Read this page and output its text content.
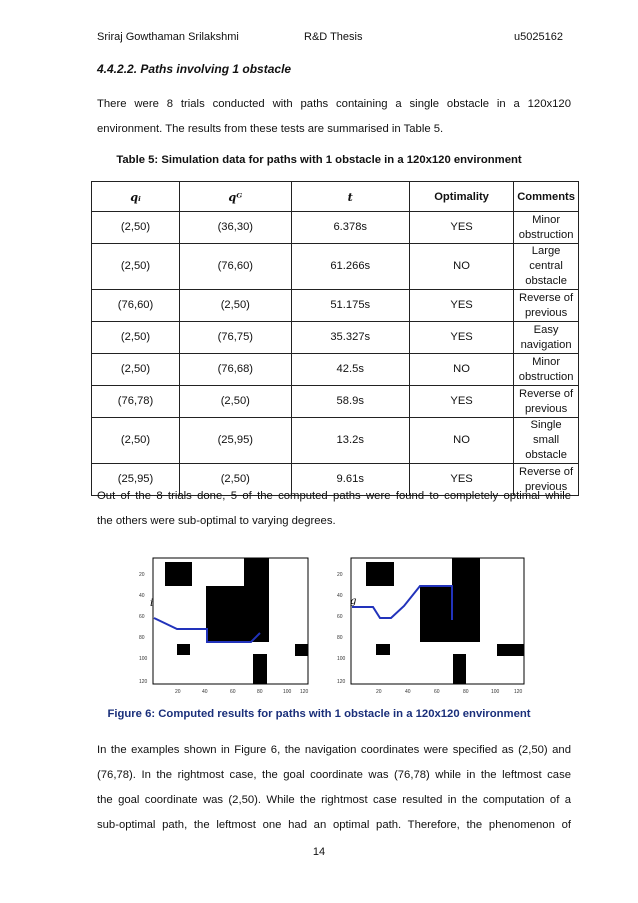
Sriraj Gowthaman Srilakshmi	R&D Thesis	u5025162
4.4.2.2. Paths involving 1 obstacle
There were 8 trials conducted with paths containing a single obstacle in a 120x120
environment. The results from these tests are summarised in Table 5.
Table 5: Simulation data for paths with 1 obstacle in a 120x120 environment
qᵢ	qᴳ	t	Optimality	Comments
(2,50)	(36,30)	6.378s	YES	Minor obstruction
(2,50)	(76,60)	61.266s	NO	Large central obstacle
(76,60)	(2,50)	51.175s	YES	Reverse of previous
(2,50)	(76,75)	35.327s	YES	Easy navigation
(2,50)	(76,68)	42.5s	NO	Minor obstruction
(76,78)	(2,50)	58.9s	YES	Reverse of previous
(2,50)	(25,95)	13.2s	NO	Single small obstacle
(25,95)	(2,50)	9.61s	YES	Reverse of previous
Out of the 8 trials done, 5 of the computed paths were found to completely optimal while
the others were sub-optimal to varying degrees.
i
g
20
40
60
80
100
120
20	40	60	80	100 120
g
i
20
40
60
80
100
120
20	40	60	80	100	120
Figure 6: Computed results for paths with 1 obstacle in a 120x120 environment
In the examples shown in Figure 6, the navigation coordinates were specified as (2,50) and
(76,78). In the rightmost case, the goal coordinate was (76,78) while in the leftmost case
the goal coordinate was (2,50). While the rightmost case resulted in the computation of a
sub-optimal path, the leftmost one had an optimal path. Therefore, the phenomenon of
14
